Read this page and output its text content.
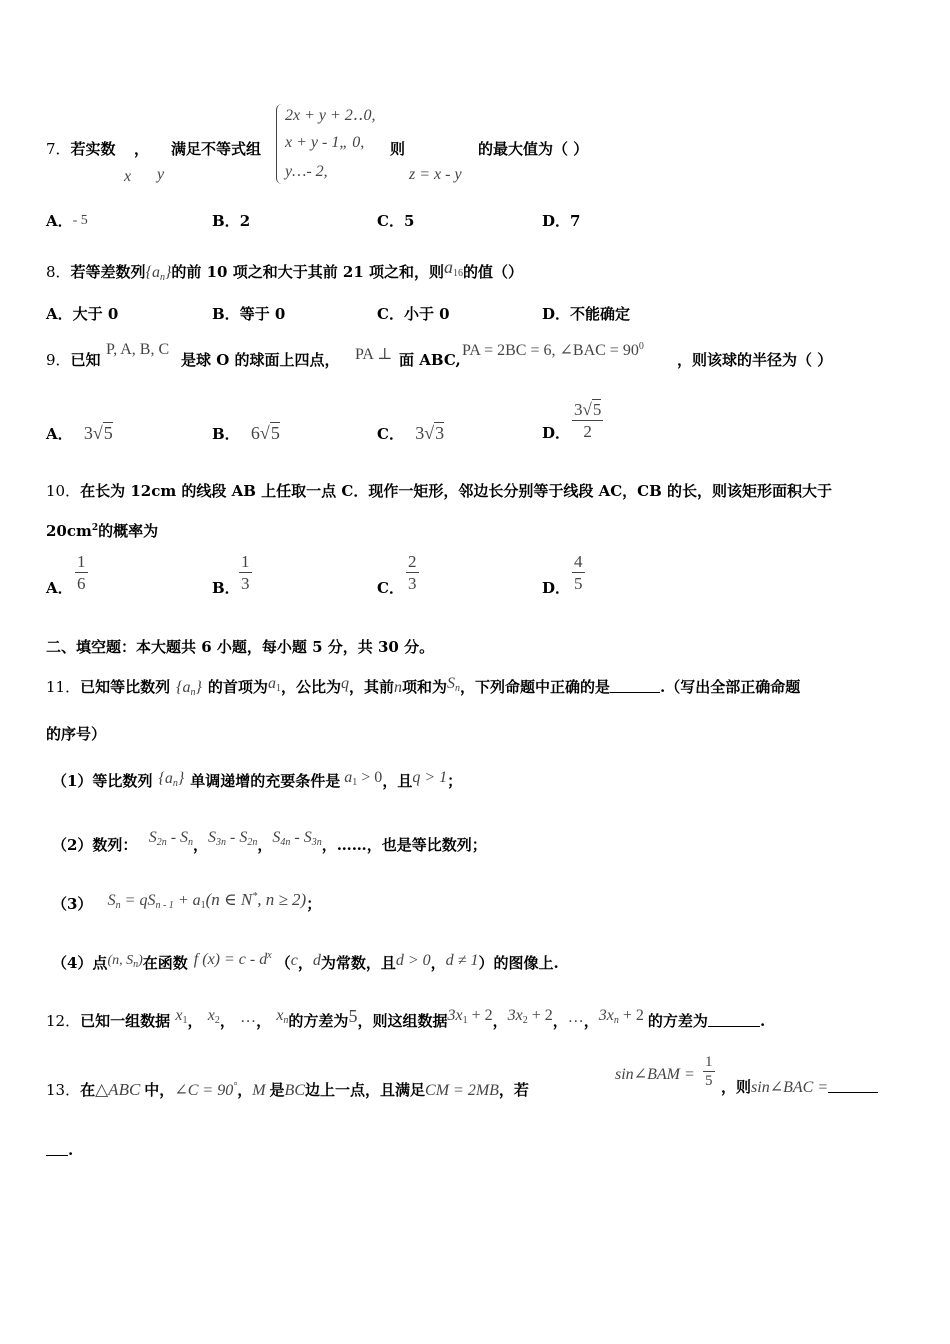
7．若实数 ， 满足不等式组
x y
2x + y + 2‥0,
x + y - 1„ 0,
y…- 2,
则
z = x - y
的最大值为（ ）
A．- 5	B．2	C．5	D．7
8．若等差数列$\{a_n\}$的前 10 项之和大于其前 21 项之和，则$a_{16}$的值（）
A．大于 0	B．等于 0	C．小于 0	D．不能确定
9．已知
P, A, B, C
是球 O 的球面上四点， PA ⊥ 面 ABC,
PA = 2BC = 6, ∠BAC = $90^0$
，则该球的半径为（ ）
A． 3√5	B． 6√5	C． 3√3	D． $\frac{3√5}{2}$
10．在长为 12cm 的线段 AB 上任取一点 C．现作一矩形，邻边长分别等于线段 AC，CB 的长，则该矩形面积大于
$20cm^2$的概率为
A． $\frac{1}{6}$	B． $\frac{1}{3}$	C． $\frac{2}{3}$	D． $\frac{4}{5}$
二、填空题：本大题共 6 小题，每小题 5 分，共 30 分。
11．已知等比数列 $\{a_n\}$ 的首项为$a_1$，公比为q，其前n项和为$S_n$，下列命题中正确的是	.（写出全部正确命题
的序号）
（1）等比数列 $\{a_n\}$ 单调递增的充要条件是 $a_1 > 0$，且q > 1；
（2）数列： $S_{2n} - S_n$，$S_{3n} - S_{2n}$，$S_{4n} - S_{3n}$，……，也是等比数列；
（3） $S_n = qS_{n - 1} + a_1(n$ ∈ N*, n ≥ 2)；
（4）点(n, $S_n$)在函数 f $(x) = c - d^x$ （c，d为常数，且d > 0，d ≠ 1）的图像上.
12．已知一组数据 $x_1$， $x_2$， …， $x_n$的方差为5，则这组数据$3x_1 + 2$，$3x_2 + 2$，…，$3x_n + 2$ 的方差为	.
13．在△ABC 中，∠C = 90°，M 是BC边上一点，且满足CM = 2MB，若
sin∠BAM = $\frac{1}{5}$ ，则sin∠BAC =
.
